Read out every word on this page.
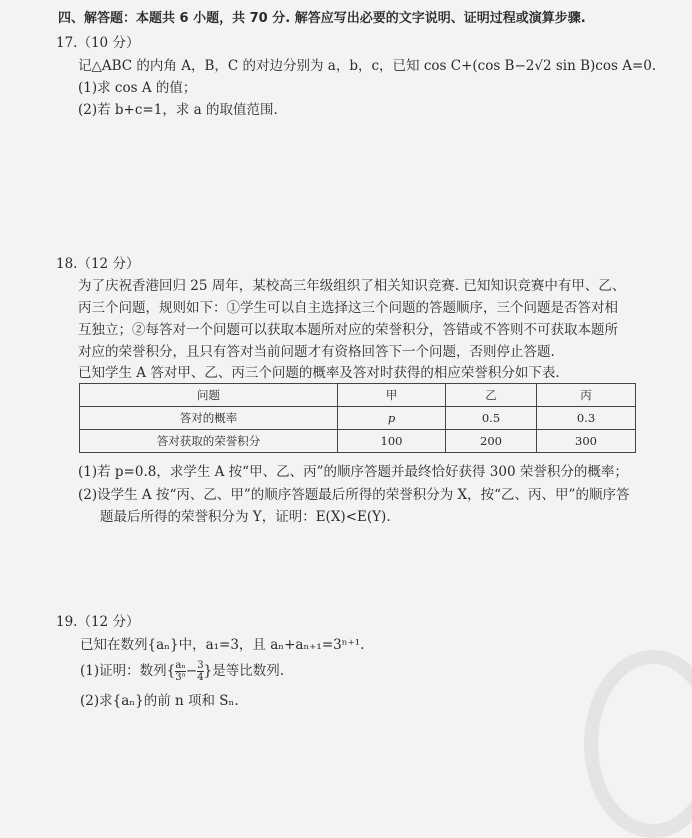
四、解答题：本题共 6 小题，共 70 分. 解答应写出必要的文字说明、证明过程或演算步骤.
17.（10 分）
记△ABC 的内角 A，B，C 的对边分别为 a，b，c，已知 cos C+(cos B−2√2 sin B)cos A=0.
(1)求 cos A 的值；
(2)若 b+c=1，求 a 的取值范围.
18.（12 分）
为了庆祝香港回归 25 周年，某校高三年级组织了相关知识竞赛. 已知知识竞赛中有甲、乙、
丙三个问题，规则如下：①学生可以自主选择这三个问题的答题顺序，三个问题是否答对相
互独立；②每答对一个问题可以获取本题所对应的荣誉积分，答错或不答则不可获取本题所
对应的荣誉积分，且只有答对当前问题才有资格回答下一个问题，否则停止答题.
已知学生 A 答对甲、乙、丙三个问题的概率及答对时获得的相应荣誉积分如下表.
问题	甲	乙	丙
答对的概率	p	0.5	0.3
答对获取的荣誉积分	100	200	300
(1)若 p=0.8，求学生 A 按“甲、乙、丙”的顺序答题并最终恰好获得 300 荣誉积分的概率；
(2)设学生 A 按“丙、乙、甲”的顺序答题最后所得的荣誉积分为 X，按“乙、丙、甲”的顺序答
题最后所得的荣誉积分为 Y，证明：E(X)<E(Y).
19.（12 分）
已知在数列{aₙ}中，a₁=3，且 aₙ+aₙ₊₁=3ⁿ⁺¹.
(1)证明：数列{ $\frac{\text{aₙ}}{\text{3ⁿ}} - \frac{3}{4}$ }是等比数列.
(2)求{aₙ}的前 n 项和 Sₙ.
